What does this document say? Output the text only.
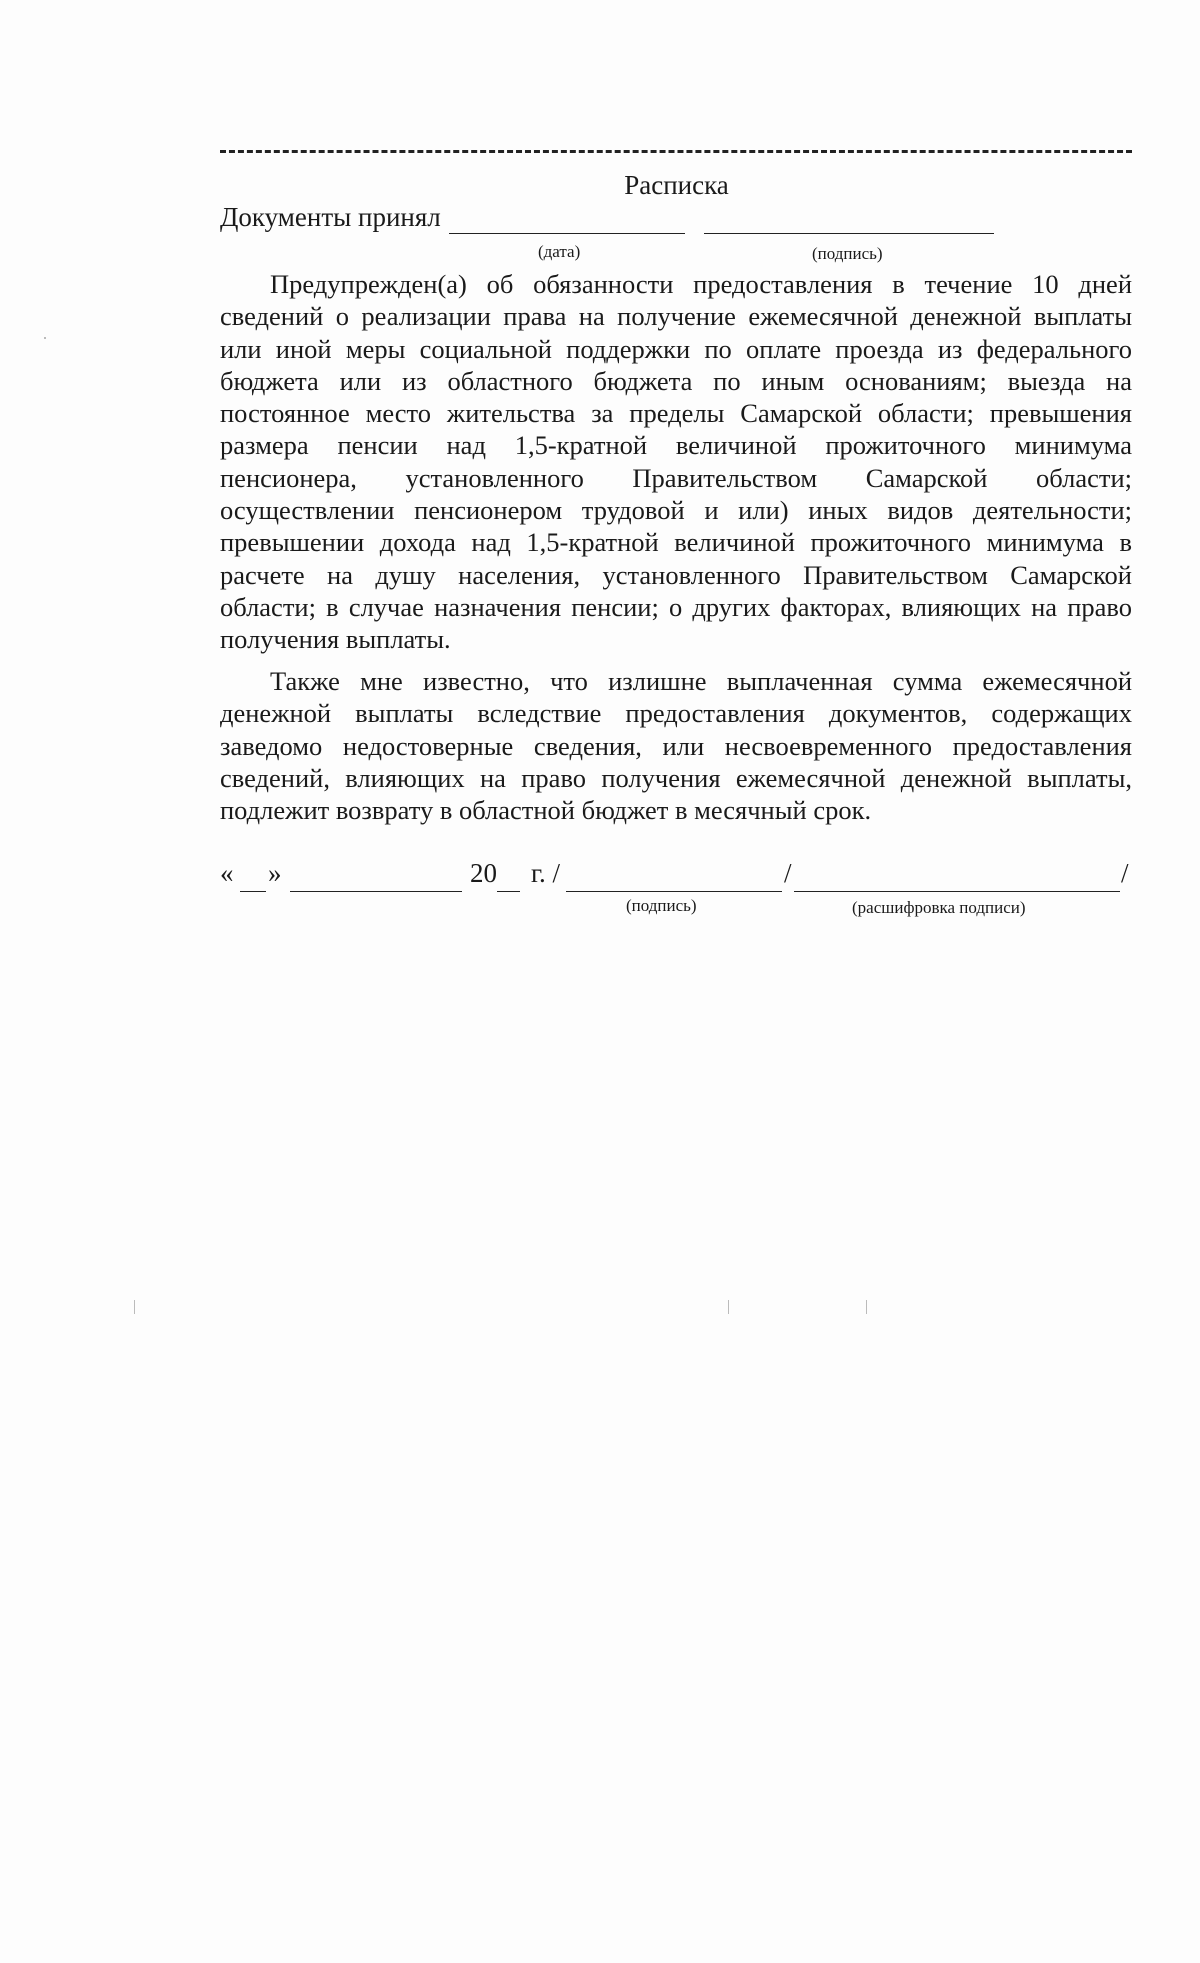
Расписка
Документы принял
(дата)	(подпись)

Предупрежден(а) об обязанности предоставления в течение 10 дней сведений о реализации права на получение ежемесячной денежной выплаты или иной меры социальной поддержки по оплате проезда из федерального бюджета или из областного бюджета по иным основаниям; выезда на постоянное место жительства за пределы Самарской области; превышения размера пенсии над 1,5-кратной величиной прожиточного минимума пенсионера, установленного Правительством Самарской области; осуществлении пенсионером трудовой и или) иных видов деятельности; превышении дохода над 1,5-кратной величиной прожиточного минимума в расчете на душу населения, установленного Правительством Самарской области; в случае назначения пенсии; о других факторах, влияющих на право получения выплаты.

Также мне известно, что излишне выплаченная сумма ежемесячной денежной выплаты вследствие предоставления документов, содержащих заведомо недостоверные сведения, или несвоевременного предоставления сведений, влияющих на право получения ежемесячной денежной выплаты, подлежит возврату в областной бюджет в месячный срок.

« »	20 г. /	/	/
(подпись)	(расшифровка подписи)
